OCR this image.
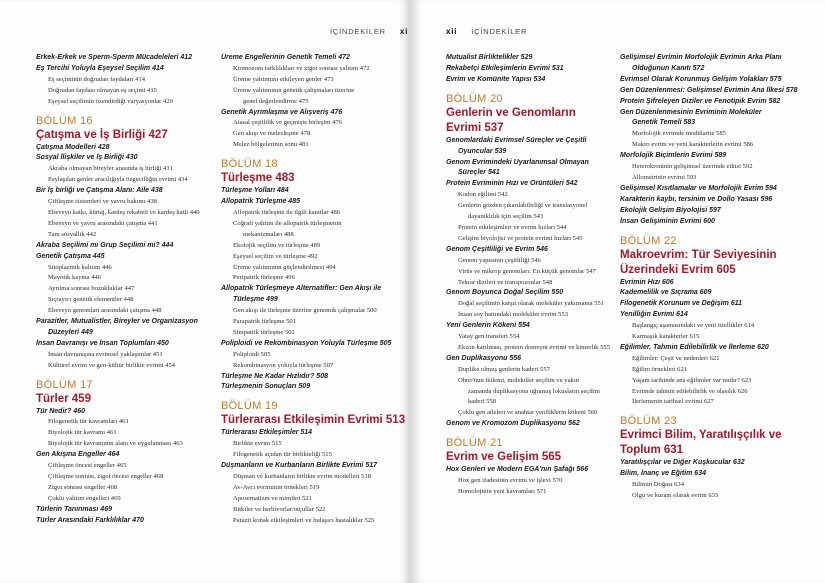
İÇİNDEKİLER xi
Erkek-Erkek ve Sperm-Sperm Mücadeleleri 412
Eş Tercihi Yoluyla Eşeysel Seçilim 414
Eş seçiminin doğrudan faydaları 414
Doğrudan faydası olmayan eş seçimi 415
Eşeysel seçilimin özendirdiği varyasyonlar 420
BÖLÜM 16
Çatışma ve İş Birliği 427
Çatışma Modelleri 428
Sosyal İlişkiler ve İş Birliği 430
Akraba olmayan bireyler arasında iş birliği 431
Paylaşılan genler aracılığıyla özgecilliğin evrimi 434
Bir İş birliği ve Çatışma Alanı: Aile 438
Çiftleşme sistemleri ve yavru bakımı 438
Ebeveyn katkı, kürtaj, kardeş rekabeti ve kardeş katli 440
Ebeveyn ve yavru arasındaki çatışma 441
Tam sosyallik 442
Akraba Seçilimi mi Grup Seçilimi mi? 444
Genetik Çatışma 445
Sitoplazmik kalıtım 446
Mayotik kayma 446
Ayrılma sonrası bozukluklar 447
Sıçrayıcı genetik elementler 448
Ebeveyn genomları arasındaki çatışma 448
Parazitler, Mutualistler, Bireyler ve Organizasyon
Düzeyleri 449
İnsan Davranışı ve İnsan Toplumları 450
İnsan davranışına evrimsel yaklaşımlar 451
Kültürel evrim ve gen-kültür birlikte evrimi 454
BÖLÜM 17
Türler 459
Tür Nedir? 460
Filogenetik tür kavramları 461
Biyolojik tür kavramı 461
Biyolojik tür kavramının alanı ve uygulanması 463
Gen Akışına Engeller 464
Çiftleşme öncesi engeller 465
Çiftleşme sonrası, zigot öncesi engeller 468
Zigot sonrası engeller 468
Çoklu yalıtım engelleri 469
Türlerin Tanınması 469
Türler Arasındaki Farklılıklar 470
Üreme Engellerinin Genetik Temeli 472
Kromozom farklılıkları ve zigot sonrası yalıtım 472
Üreme yalıtımını etkileyen genler 473
Üreme yalıtımının genetik çalışmaları üzerine
genel değerlendirme 475
Genetik Ayrımlaşma ve Alışveriş 476
Atasal çeşitlilik ve geçmişte birleşim 476
Gen akışı ve melezleşme 478
Melez bölgelerinin sonu 481
BÖLÜM 18
Türleşme 483
Türleşme Yolları 484
Allopatrik Türleşme 485
Allopatrik türleşme ile ilgili kanıtlar 486
Coğrafi yalıtım ile allopatrik türleşmenin
mekanizmaları 488
Ekolojik seçilim ve türleşme 489
Eşeysel seçilim ve türleşme 492
Üreme yalıtımının güçlendirilmesi 494
Peripatrik türleşme 496
Allopatrik Türleşmeye Alternatifler: Gen Akışı ile
Türleşme 499
Gen akışı ile türleşme üzerine genomik çalışmalar 500
Parapatrik türleşme 501
Simpatrik türleşme 502
Poliploidi ve Rekombinasyon Yoluyla Türleşme 505
Poliploidi 505
Rekombinasyon yoluyla türleşme 507
Türleşme Ne Kadar Hızlıdır? 508
Türleşmenin Sonuçları 509
BÖLÜM 19
Türlerarası Etkileşimin Evrimi 513
Türlerarası Etkileşimler 514
Birlikte evrim 515
Filogenetik açıdan tür birlikteliği 515
Düşmanların ve Kurbanların Birlikte Evrimi 517
Düşman ve kurbanların birlikte evrim modelleri 518
Av-Avcı evriminin örnekleri 519
Aposematizm ve mimikri 521
Bitkiler ve herbivorlar/otçullar 522
Parazit konak etkileşimleri ve bulaşıcı hastalıklar 525
xii İÇİNDEKİLER
Mutualist Birliktelikler 529
Rekabetçi Etkileşimlerin Evrimi 531
Evrim ve Komünite Yapısı 534
BÖLÜM 20
Genlerin ve Genomların
Evrimi 537
Genomlardaki Evrimsel Süreçler ve Çeşitli
Oyuncular 539
Genom Evrimindeki Uyarlanımsal Olmayan
Süreçler 541
Protein Evriminin Hızı ve Örüntüleri 542
Kodon eğilimi 542
Genlerin gözden çıkarılabilirliği ve translasyonel
dayanıklılık için seçilim 543
Protein etkileşimleri ve evrim hızları 544
Gelişim biyolojisi ve protein evrimi hızları 545
Genom Çeşitliliği ve Evrim 546
Genom yapısının çeşitliliği 546
Virüs ve mikrop genomları: En küçük genomlar 547
Tekrar dizileri ve transpozonlar 548
Genom Boyunca Doğal Seçilim 550
Doğal seçilimin karşıt olarak moleküler yakınsama 551
İnsan soy hattındaki moleküler evrim 553
Yeni Genlerin Kökeni 554
Yatay gen transferi 554
Ekzon karılması, protein domeyni evrimi ve kimerlik 555
Gen Duplikasyonu 556
Duplike olmuş genlerin kaderi 557
Ohno'nun ikilemi, moleküler seçilim ve yakın
zamanda duplikasyona uğramış lokusların seçilim
kaderi 558
Çoklu gen aileleri ve anahtar yeniliklerin kökeni 560
Genom ve Kromozom Duplikasyonu 562
BÖLÜM 21
Evrim ve Gelişim 565
Hox Genleri ve Modern EGA'nın Şafağı 566
Hox gen ifadesinin evrimi ve işlevi 570
Homolojinin yeni kavramları 571
Gelişimsel Evrimin Morfolojik Evrimin Arka Planı
Olduğunun Kanıtı 572
Evrimsel Olarak Korunmuş Gelişim Yolakları 575
Gen Düzenlenmesi: Gelişimsel Evrimin Ana İlkesi 578
Protein Şifreleyen Diziler ve Fenotipik Evrim 582
Gen Düzenlenmesinin Evriminin Moleküler
Genetik Temeli 583
Morfolojik evrimde modülarite 585
Makro evrim ve yeni karakterlerin evrimi 586
Morfolojik Biçimlerin Evrimi 589
Heterokroninin gelişimsel üzerinde etkisi 592
Allometrinin evrimi 593
Gelişimsel Kısıtlamalar ve Morfolojik Evrim 594
Karakterin kaybı, tersinim ve Dollo Yasası 596
Ekolojik Gelişim Biyolojisi 597
İnsan Gelişiminin Evrimi 600
BÖLÜM 22
Makroevrim: Tür Seviyesinin
Üzerindeki Evrim 605
Evrimin Hızı 606
Kademelilik ve Sıçrama 609
Filogenetik Korunum ve Değişim 611
Yenilliğin Evrimi 614
Başlangıç aşamasındaki ve yeni özellikler 614
Karmaşık karakterler 615
Eğilimler, Tahmin Edilebilirlik ve İlerleme 620
Eğilimler: Çeşit ve nedenleri 621
Eğilim örnekleri 621
Yaşam tarihinde ana eğilimler var mıdır? 623
Evrimde tahmin edilebilirlik ve olasılık 626
İlerlemenin tarihsel evrimi 627
BÖLÜM 23
Evrimci Bilim, Yaratılışçılık ve
Toplum 631
Yaratılışçılar ve Diğer Kuşkucular 632
Bilim, İnanç ve Eğitim 634
Bilimin Doğası 634
Olgu ve kuram olarak evrim 635
